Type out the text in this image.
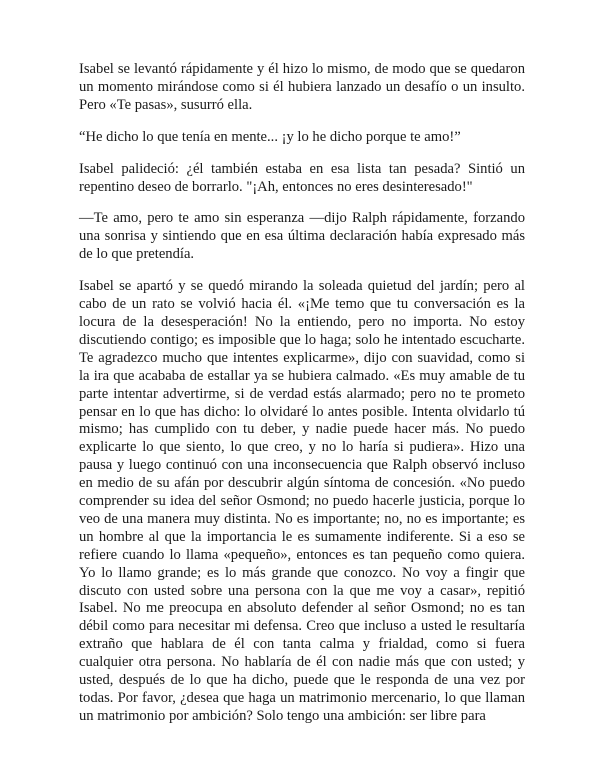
Isabel se levantó rápidamente y él hizo lo mismo, de modo que se quedaron un momento mirándose como si él hubiera lanzado un desafío o un insulto. Pero «Te pasas», susurró ella.

“He dicho lo que tenía en mente... ¡y lo he dicho porque te amo!”

Isabel palideció: ¿él también estaba en esa lista tan pesada? Sintió un repentino deseo de borrarlo. "¡Ah, entonces no eres desinteresado!"

—Te amo, pero te amo sin esperanza —dijo Ralph rápidamente, forzando una sonrisa y sintiendo que en esa última declaración había expresado más de lo que pretendía.

Isabel se apartó y se quedó mirando la soleada quietud del jardín; pero al cabo de un rato se volvió hacia él. «¡Me temo que tu conversación es la locura de la desesperación! No la entiendo, pero no importa. No estoy discutiendo contigo; es imposible que lo haga; solo he intentado escucharte. Te agradezco mucho que intentes explicarme», dijo con suavidad, como si la ira que acababa de estallar ya se hubiera calmado. «Es muy amable de tu parte intentar advertirme, si de verdad estás alarmado; pero no te prometo pensar en lo que has dicho: lo olvidaré lo antes posible. Intenta olvidarlo tú mismo; has cumplido con tu deber, y nadie puede hacer más. No puedo explicarte lo que siento, lo que creo, y no lo haría si pudiera». Hizo una pausa y luego continuó con una inconsecuencia que Ralph observó incluso en medio de su afán por descubrir algún síntoma de concesión. «No puedo comprender su idea del señor Osmond; no puedo hacerle justicia, porque lo veo de una manera muy distinta. No es importante; no, no es importante; es un hombre al que la importancia le es sumamente indiferente. Si a eso se refiere cuando lo llama «pequeño», entonces es tan pequeño como quiera. Yo lo llamo grande; es lo más grande que conozco. No voy a fingir que discuto con usted sobre una persona con la que me voy a casar», repitió Isabel. No me preocupa en absoluto defender al señor Osmond; no es tan débil como para necesitar mi defensa. Creo que incluso a usted le resultaría extraño que hablara de él con tanta calma y frialdad, como si fuera cualquier otra persona. No hablaría de él con nadie más que con usted; y usted, después de lo que ha dicho, puede que le responda de una vez por todas. Por favor, ¿desea que haga un matrimonio mercenario, lo que llaman un matrimonio por ambición? Solo tengo una ambición: ser libre para
